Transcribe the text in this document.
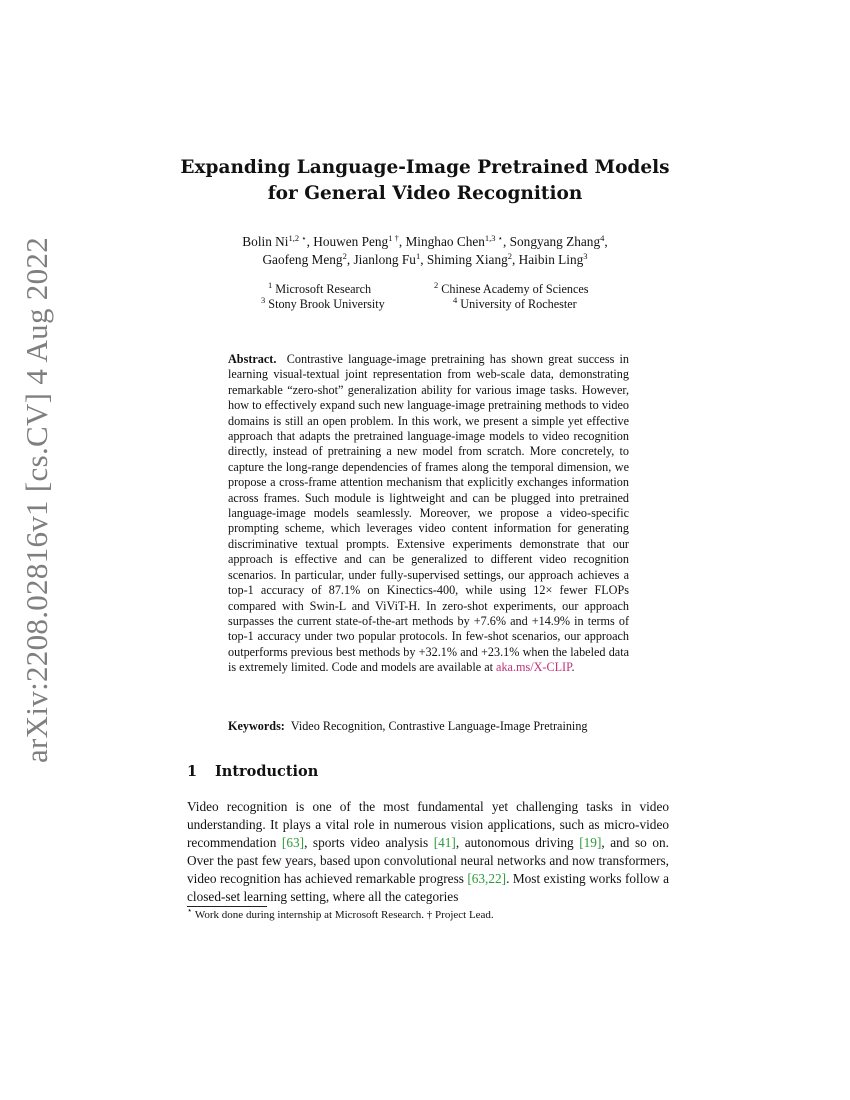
arXiv:2208.02816v1 [cs.CV] 4 Aug 2022
Expanding Language-Image Pretrained Models
for General Video Recognition
Bolin $Ni^{1,2 ⋆}$, Houwen Peng$^{1 \dagger}$, Minghao Chen$^{1,3 ⋆}$, Songyang Zhang$^4$,
Gaofeng Meng$^2$, Jianlong Fu$^1$, Shiming Xiang$^2$, Haibin Ling$^3$
$^1$ Microsoft Research	$^2$ Chinese Academy of Sciences
$^3$ Stony Brook University	$^4$ University of Rochester
Abstract. Contrastive language-image pretraining has shown great success in learning visual-textual joint representation from web-scale data, demonstrating remarkable “zero-shot” generalization ability for various image tasks. However, how to effectively expand such new language-image pretraining methods to video domains is still an open problem. In this work, we present a simple yet effective approach that adapts the pretrained language-image models to video recognition directly, instead of pretraining a new model from scratch. More concretely, to capture the long-range dependencies of frames along the temporal dimension, we propose a cross-frame attention mechanism that explicitly exchanges information across frames. Such module is lightweight and can be plugged into pretrained language-image models seamlessly. Moreover, we propose a video-specific prompting scheme, which leverages video content information for generating discriminative textual prompts. Extensive experiments demonstrate that our approach is effective and can be generalized to different video recognition scenarios. In particular, under fully-supervised settings, our approach achieves a top-1 accuracy of 87.1% on Kinectics-400, while using 12× fewer FLOPs compared with Swin-L and ViViT-H. In zero-shot experiments, our approach surpasses the current state-of-the-art methods by +7.6% and +14.9% in terms of top-1 accuracy under two popular protocols. In few-shot scenarios, our approach outperforms previous best methods by +32.1% and +23.1% when the labeled data is extremely limited. Code and models are available at aka.ms/X-CLIP.
Keywords: Video Recognition, Contrastive Language-Image Pretraining
1 Introduction
Video recognition is one of the most fundamental yet challenging tasks in video understanding. It plays a vital role in numerous vision applications, such as micro-video recommendation [63], sports video analysis [41], autonomous driving [19], and so on. Over the past few years, based upon convolutional neural networks and now transformers, video recognition has achieved remarkable progress [63,22]. Most existing works follow a closed-set learning setting, where all the categories
⋆ Work done during internship at Microsoft Research. † Project Lead.
